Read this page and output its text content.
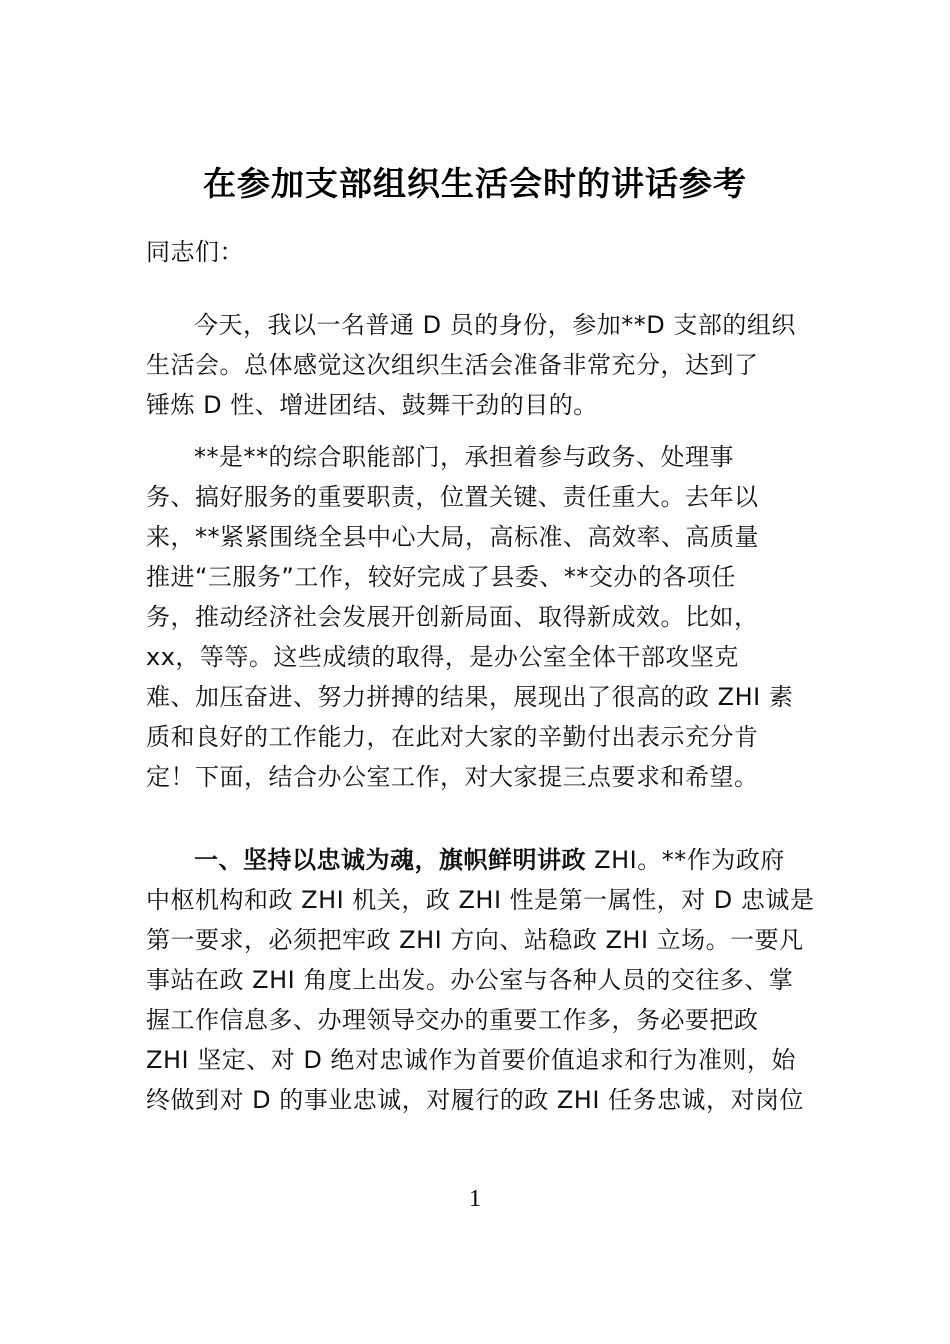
在参加支部组织生活会时的讲话参考
同志们：
今天，我以一名普通 D 员的身份，参加**D 支部的组织
生活会。总体感觉这次组织生活会准备非常充分，达到了
锤炼 D 性、增进团结、鼓舞干劲的目的。
**是**的综合职能部门，承担着参与政务、处理事
务、搞好服务的重要职责，位置关键、责任重大。去年以
来，**紧紧围绕全县中心大局，高标准、高效率、高质量
推进“三服务”工作，较好完成了县委、**交办的各项任
务，推动经济社会发展开创新局面、取得新成效。比如，
xx，等等。这些成绩的取得，是办公室全体干部攻坚克
难、加压奋进、努力拼搏的结果，展现出了很高的政 ZHI 素
质和良好的工作能力，在此对大家的辛勤付出表示充分肯
定！下面，结合办公室工作，对大家提三点要求和希望。
一、坚持以忠诚为魂，旗帜鲜明讲政 ZHI。**作为政府
中枢机构和政 ZHI 机关，政 ZHI 性是第一属性，对 D 忠诚是
第一要求，必须把牢政 ZHI 方向、站稳政 ZHI 立场。一要凡
事站在政 ZHI 角度上出发。办公室与各种人员的交往多、掌
握工作信息多、办理领导交办的重要工作多，务必要把政
ZHI 坚定、对 D 绝对忠诚作为首要价值追求和行为准则，始
终做到对 D 的事业忠诚，对履行的政 ZHI 任务忠诚，对岗位
1
